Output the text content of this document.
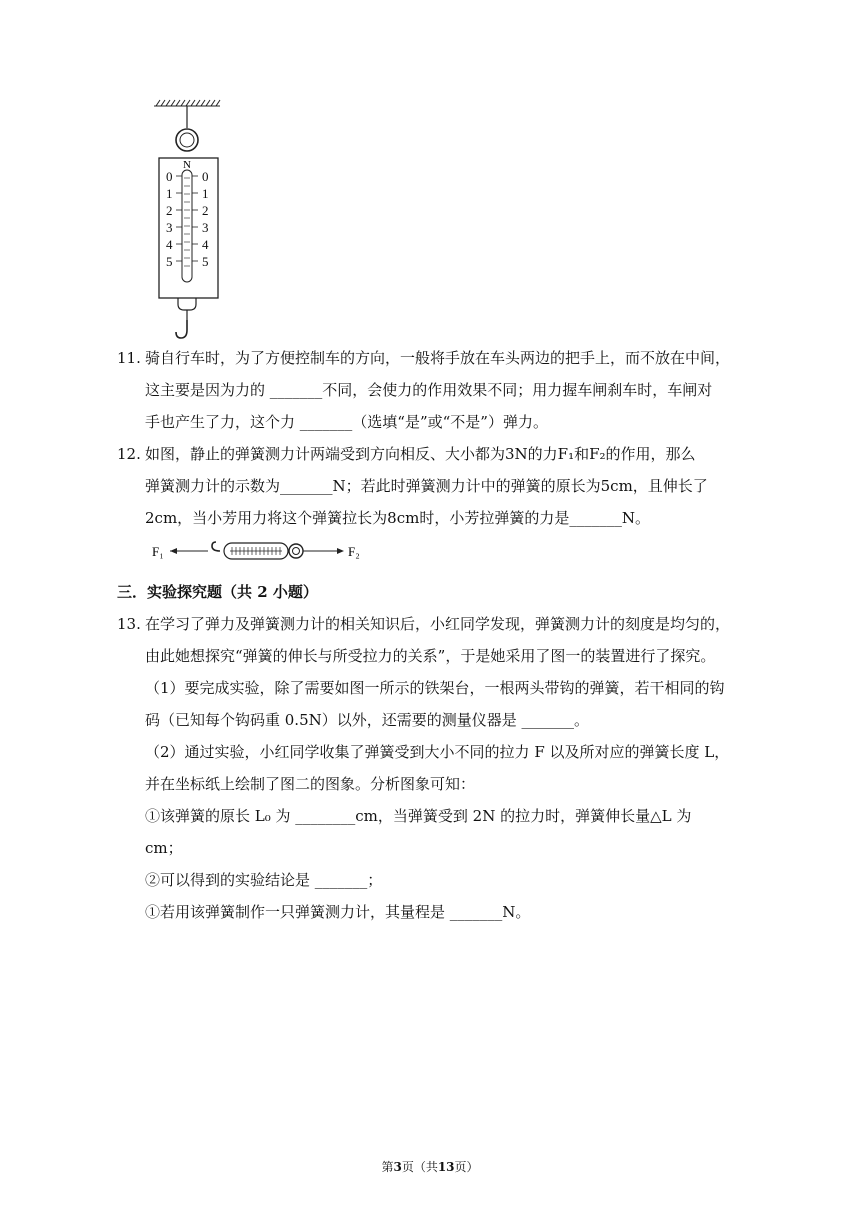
N
0
1
2
3
4
5
0
1
2
3
4
5
11. 骑自行车时，为了方便控制车的方向，一般将手放在车头两边的把手上，而不放在中间，
这主要是因为力的 _______不同，会使力的作用效果不同；用力握车闸刹车时，车闸对
手也产生了力，这个力 _______（选填“是”或“不是”）弹力。
12. 如图，静止的弹簧测力计两端受到方向相反、大小都为3N的力F₁和F₂的作用，那么
弹簧测力计的示数为_______N；若此时弹簧测力计中的弹簧的原长为5cm，且伸长了
2cm，当小芳用力将这个弹簧拉长为8cm时，小芳拉弹簧的力是_______N。
F₁	F₂
三．实验探究题（共 2 小题）
13. 在学习了弹力及弹簧测力计的相关知识后，小红同学发现，弹簧测力计的刻度是均匀的，
由此她想探究“弹簧的伸长与所受拉力的关系”，于是她采用了图一的装置进行了探究。
（1）要完成实验，除了需要如图一所示的铁架台，一根两头带钩的弹簧，若干相同的钩
码（已知每个钩码重 0.5N）以外，还需要的测量仪器是 _______。
（2）通过实验，小红同学收集了弹簧受到大小不同的拉力 F 以及所对应的弹簧长度 L，
并在坐标纸上绘制了图二的图象。分析图象可知：
①该弹簧的原长 L₀ 为 ________cm，当弹簧受到 2N 的拉力时，弹簧伸长量△L 为
cm；
②可以得到的实验结论是 _______；
①若用该弹簧制作一只弹簧测力计，其量程是 _______N。
第3页（共13页）
